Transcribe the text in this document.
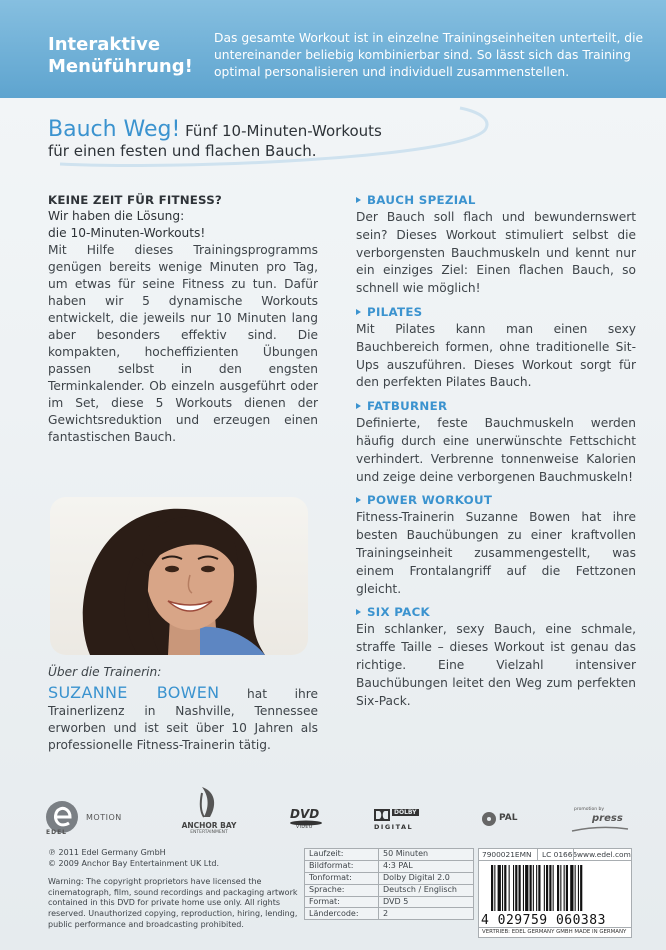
Interaktive
Menüführung!
Das gesamte Workout ist in einzelne Trainingseinheiten unterteilt, die untereinander beliebig kombinierbar sind. So lässt sich das Training optimal personalisieren und individuell zusammenstellen.
Bauch Weg! Fünf 10-Minuten-Workouts
für einen festen und flachen Bauch.
KEINE ZEIT FÜR FITNESS?
Wir haben die Lösung:
die 10-Minuten-Workouts!
Mit Hilfe dieses Trainingsprogramms genügen bereits wenige Minuten pro Tag, um etwas für seine Fitness zu tun. Dafür haben wir 5 dynamische Workouts entwickelt, die jeweils nur 10 Minuten lang aber besonders effektiv sind. Die kompakten, hocheffizienten Übungen passen selbst in den engsten Terminkalender. Ob einzeln ausgeführt oder im Set, diese 5 Workouts dienen der Gewichtsreduktion und erzeugen einen fantastischen Bauch.
Über die Trainerin:
SUZANNE BOWEN hat ihre Trainerlizenz in Nashville, Tennessee erworben und ist seit über 10 Jahren als professionelle Fitness-Trainerin tätig.
BAUCH SPEZIAL
Der Bauch soll flach und bewundernswert sein? Dieses Workout stimuliert selbst die verborgensten Bauchmuskeln und kennt nur ein einziges Ziel: Einen flachen Bauch, so schnell wie möglich!
PILATES
Mit Pilates kann man einen sexy Bauchbereich formen, ohne traditionelle Sit-Ups auszuführen. Dieses Workout sorgt für den perfekten Pilates Bauch.
FATBURNER
Definierte, feste Bauchmuskeln werden häufig durch eine unerwünschte Fettschicht verhindert. Verbrenne tonnenweise Kalorien und zeige deine verborgenen Bauchmuskeln!
POWER WORKOUT
Fitness-Trainerin Suzanne Bowen hat ihre besten Bauchübungen zu einer kraftvollen Trainingseinheit zusammengestellt, was einem Frontalangriff auf die Fettzonen gleicht.
SIX PACK
Ein schlanker, sexy Bauch, eine schmale, straffe Taille – dieses Workout ist genau das richtige. Eine Vielzahl intensiver Bauchübungen leitet den Weg zum perfekten Six-Pack.
EDEL
MOTION
ANCHOR BAY
ENTERTAINMENT
DVD
VIDEO
DOLBY
DIGITAL
PAL
promotion by
press
℗ 2011 Edel Germany GmbH
© 2009 Anchor Bay Entertainment UK Ltd.
Warning: The copyright proprietors have licensed the cinematograph, film, sound recordings and packaging artwork contained in this DVD for private home use only. All rights reserved. Unauthorized copying, reproduction, hiring, lending, public performance and broadcasting prohibited.
Laufzeit:	50 Minuten
Bildformat:	4:3 PAL
Tonformat:	Dolby Digital 2.0
Sprache:	Deutsch / Englisch
Format:	DVD 5
Ländercode:	2
7900021EMN	LC 01666 www.edel.com
4 029759 060383
VERTRIEB: EDEL GERMANY GMBH MADE IN GERMANY
